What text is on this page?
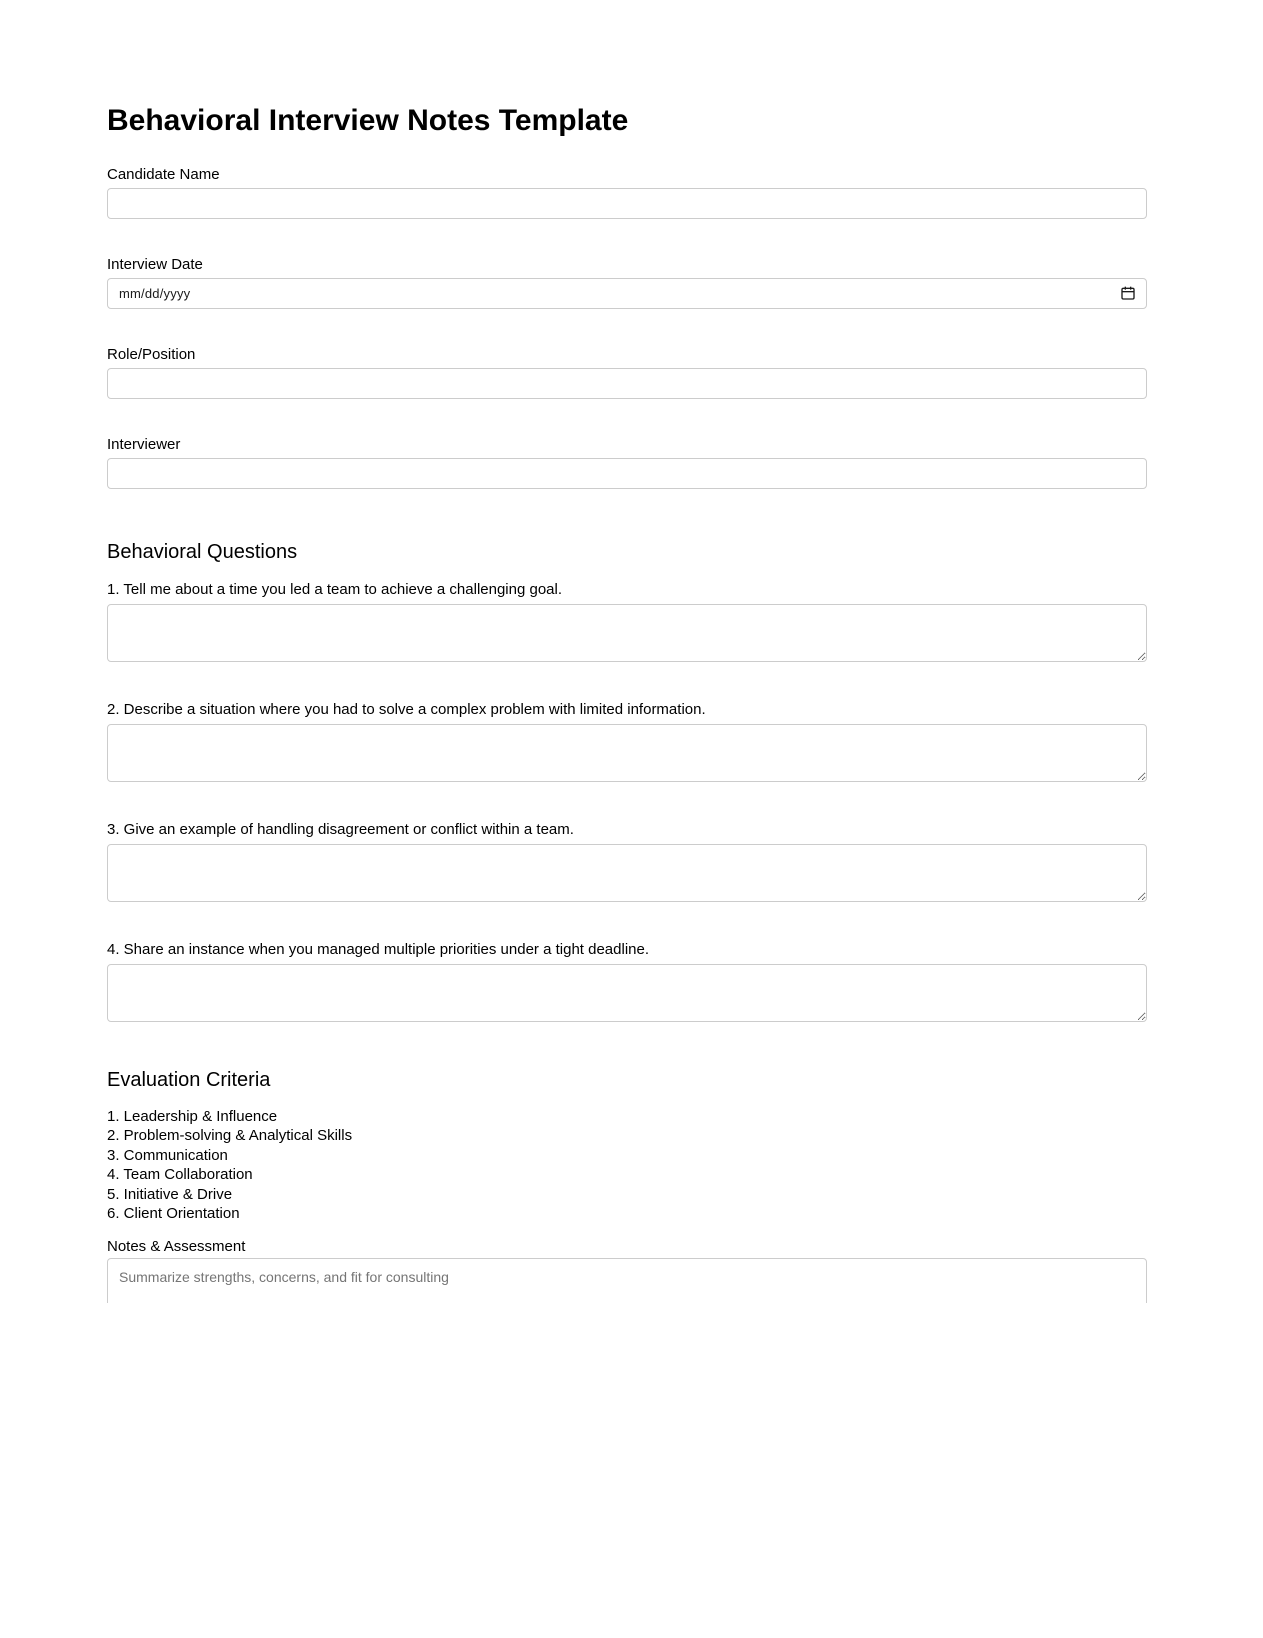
Behavioral Interview Notes Template
Candidate Name
Interview Date
mm/dd/yyyy
Role/Position
Interviewer
Behavioral Questions

1. Tell me about a time you led a team to achieve a challenging goal.

2. Describe a situation where you had to solve a complex problem with limited information.

3. Give an example of handling disagreement or conflict within a team.

4. Share an instance when you managed multiple priorities under a tight deadline.

Evaluation Criteria
1. Leadership & Influence
2. Problem-solving & Analytical Skills
3. Communication
4. Team Collaboration
5. Initiative & Drive
6. Client Orientation
Notes & Assessment
Summarize strengths, concerns, and fit for consulting
